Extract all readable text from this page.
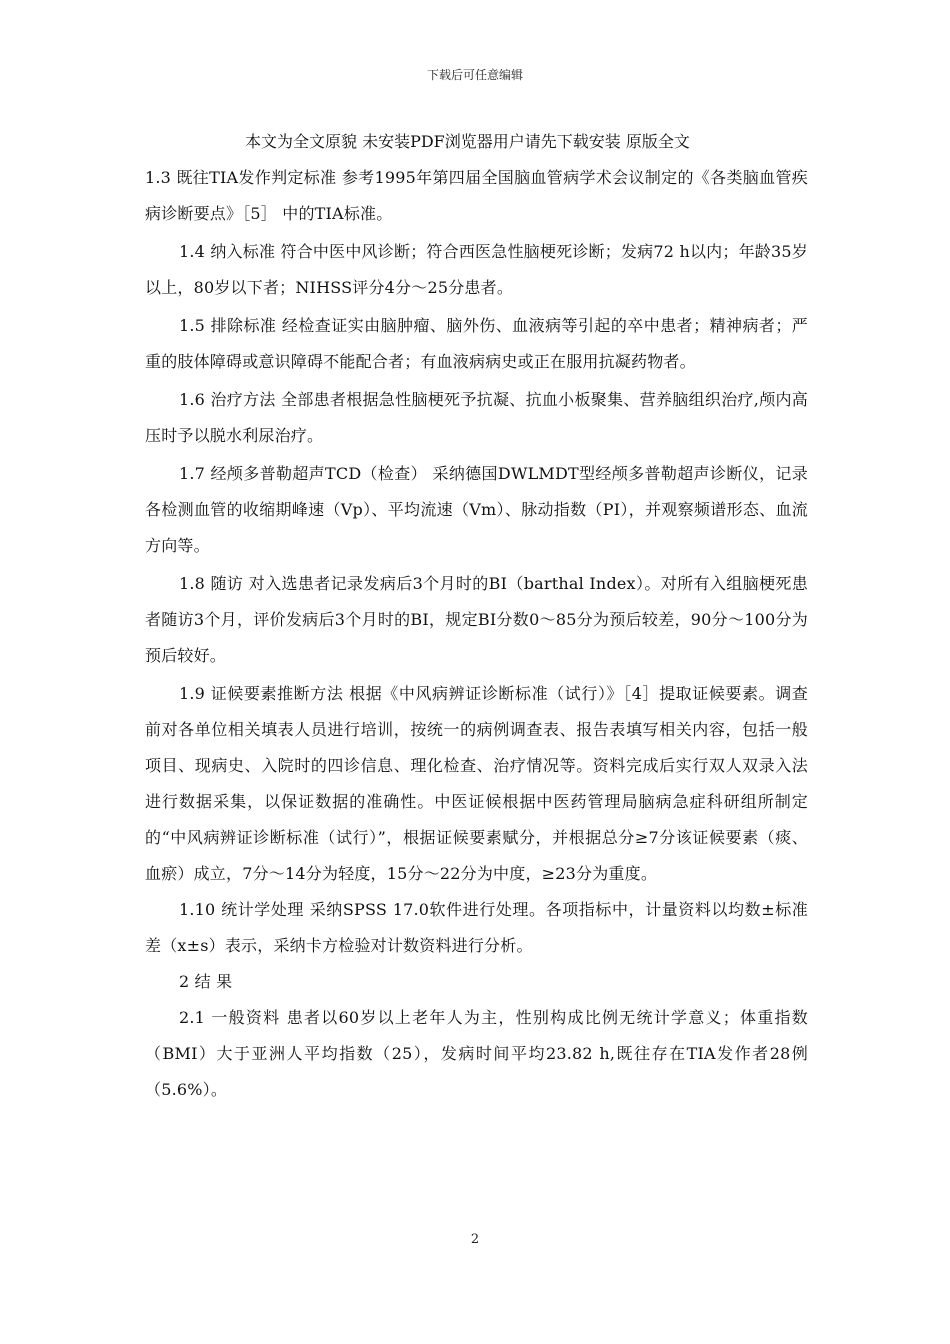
下载后可任意编辑
本文为全文原貌 未安装PDF浏览器用户请先下载安装 原版全文

1.3 既往TIA发作判定标准 参考1995年第四届全国脑血管病学术会议制定的《各类脑血管疾病诊断要点》［5］ 中的TIA标准。

1.4 纳入标准 符合中医中风诊断；符合西医急性脑梗死诊断；发病72 h以内；年龄35岁以上，80岁以下者；NIHSS评分4分～25分患者。

1.5 排除标准 经检查证实由脑肿瘤、脑外伤、血液病等引起的卒中患者；精神病者；严重的肢体障碍或意识障碍不能配合者；有血液病病史或正在服用抗凝药物者。

1.6 治疗方法 全部患者根据急性脑梗死予抗凝、抗血小板聚集、营养脑组织治疗,颅内高压时予以脱水利尿治疗。

1.7 经颅多普勒超声TCD（检查） 采纳德国DWLMDT型经颅多普勒超声诊断仪，记录各检测血管的收缩期峰速（Vp）、平均流速（Vm）、脉动指数（PI），并观察频谱形态、血流方向等。

1.8 随访 对入选患者记录发病后3个月时的BI（barthal Index）。对所有入组脑梗死患者随访3个月，评价发病后3个月时的BI，规定BI分数0～85分为预后较差，90分～100分为预后较好。

1.9 证候要素推断方法 根据《中风病辨证诊断标准（试行）》［4］提取证候要素。调查前对各单位相关填表人员进行培训，按统一的病例调查表、报告表填写相关内容，包括一般项目、现病史、入院时的四诊信息、理化检查、治疗情况等。资料完成后实行双人双录入法进行数据采集，以保证数据的准确性。中医证候根据中医药管理局脑病急症科研组所制定的“中风病辨证诊断标准（试行）”，根据证候要素赋分，并根据总分≥7分该证候要素（痰、血瘀）成立，7分～14分为轻度，15分～22分为中度，≥23分为重度。

1.10 统计学处理 采纳SPSS 17.0软件进行处理。各项指标中，计量资料以均数±标准差（x±s）表示，采纳卡方检验对计数资料进行分析。

2 结 果

2.1 一般资料 患者以60岁以上老年人为主，性别构成比例无统计学意义；体重指数（BMI）大于亚洲人平均指数（25），发病时间平均23.82 h,既往存在TIA发作者28例（5.6%）。

2
